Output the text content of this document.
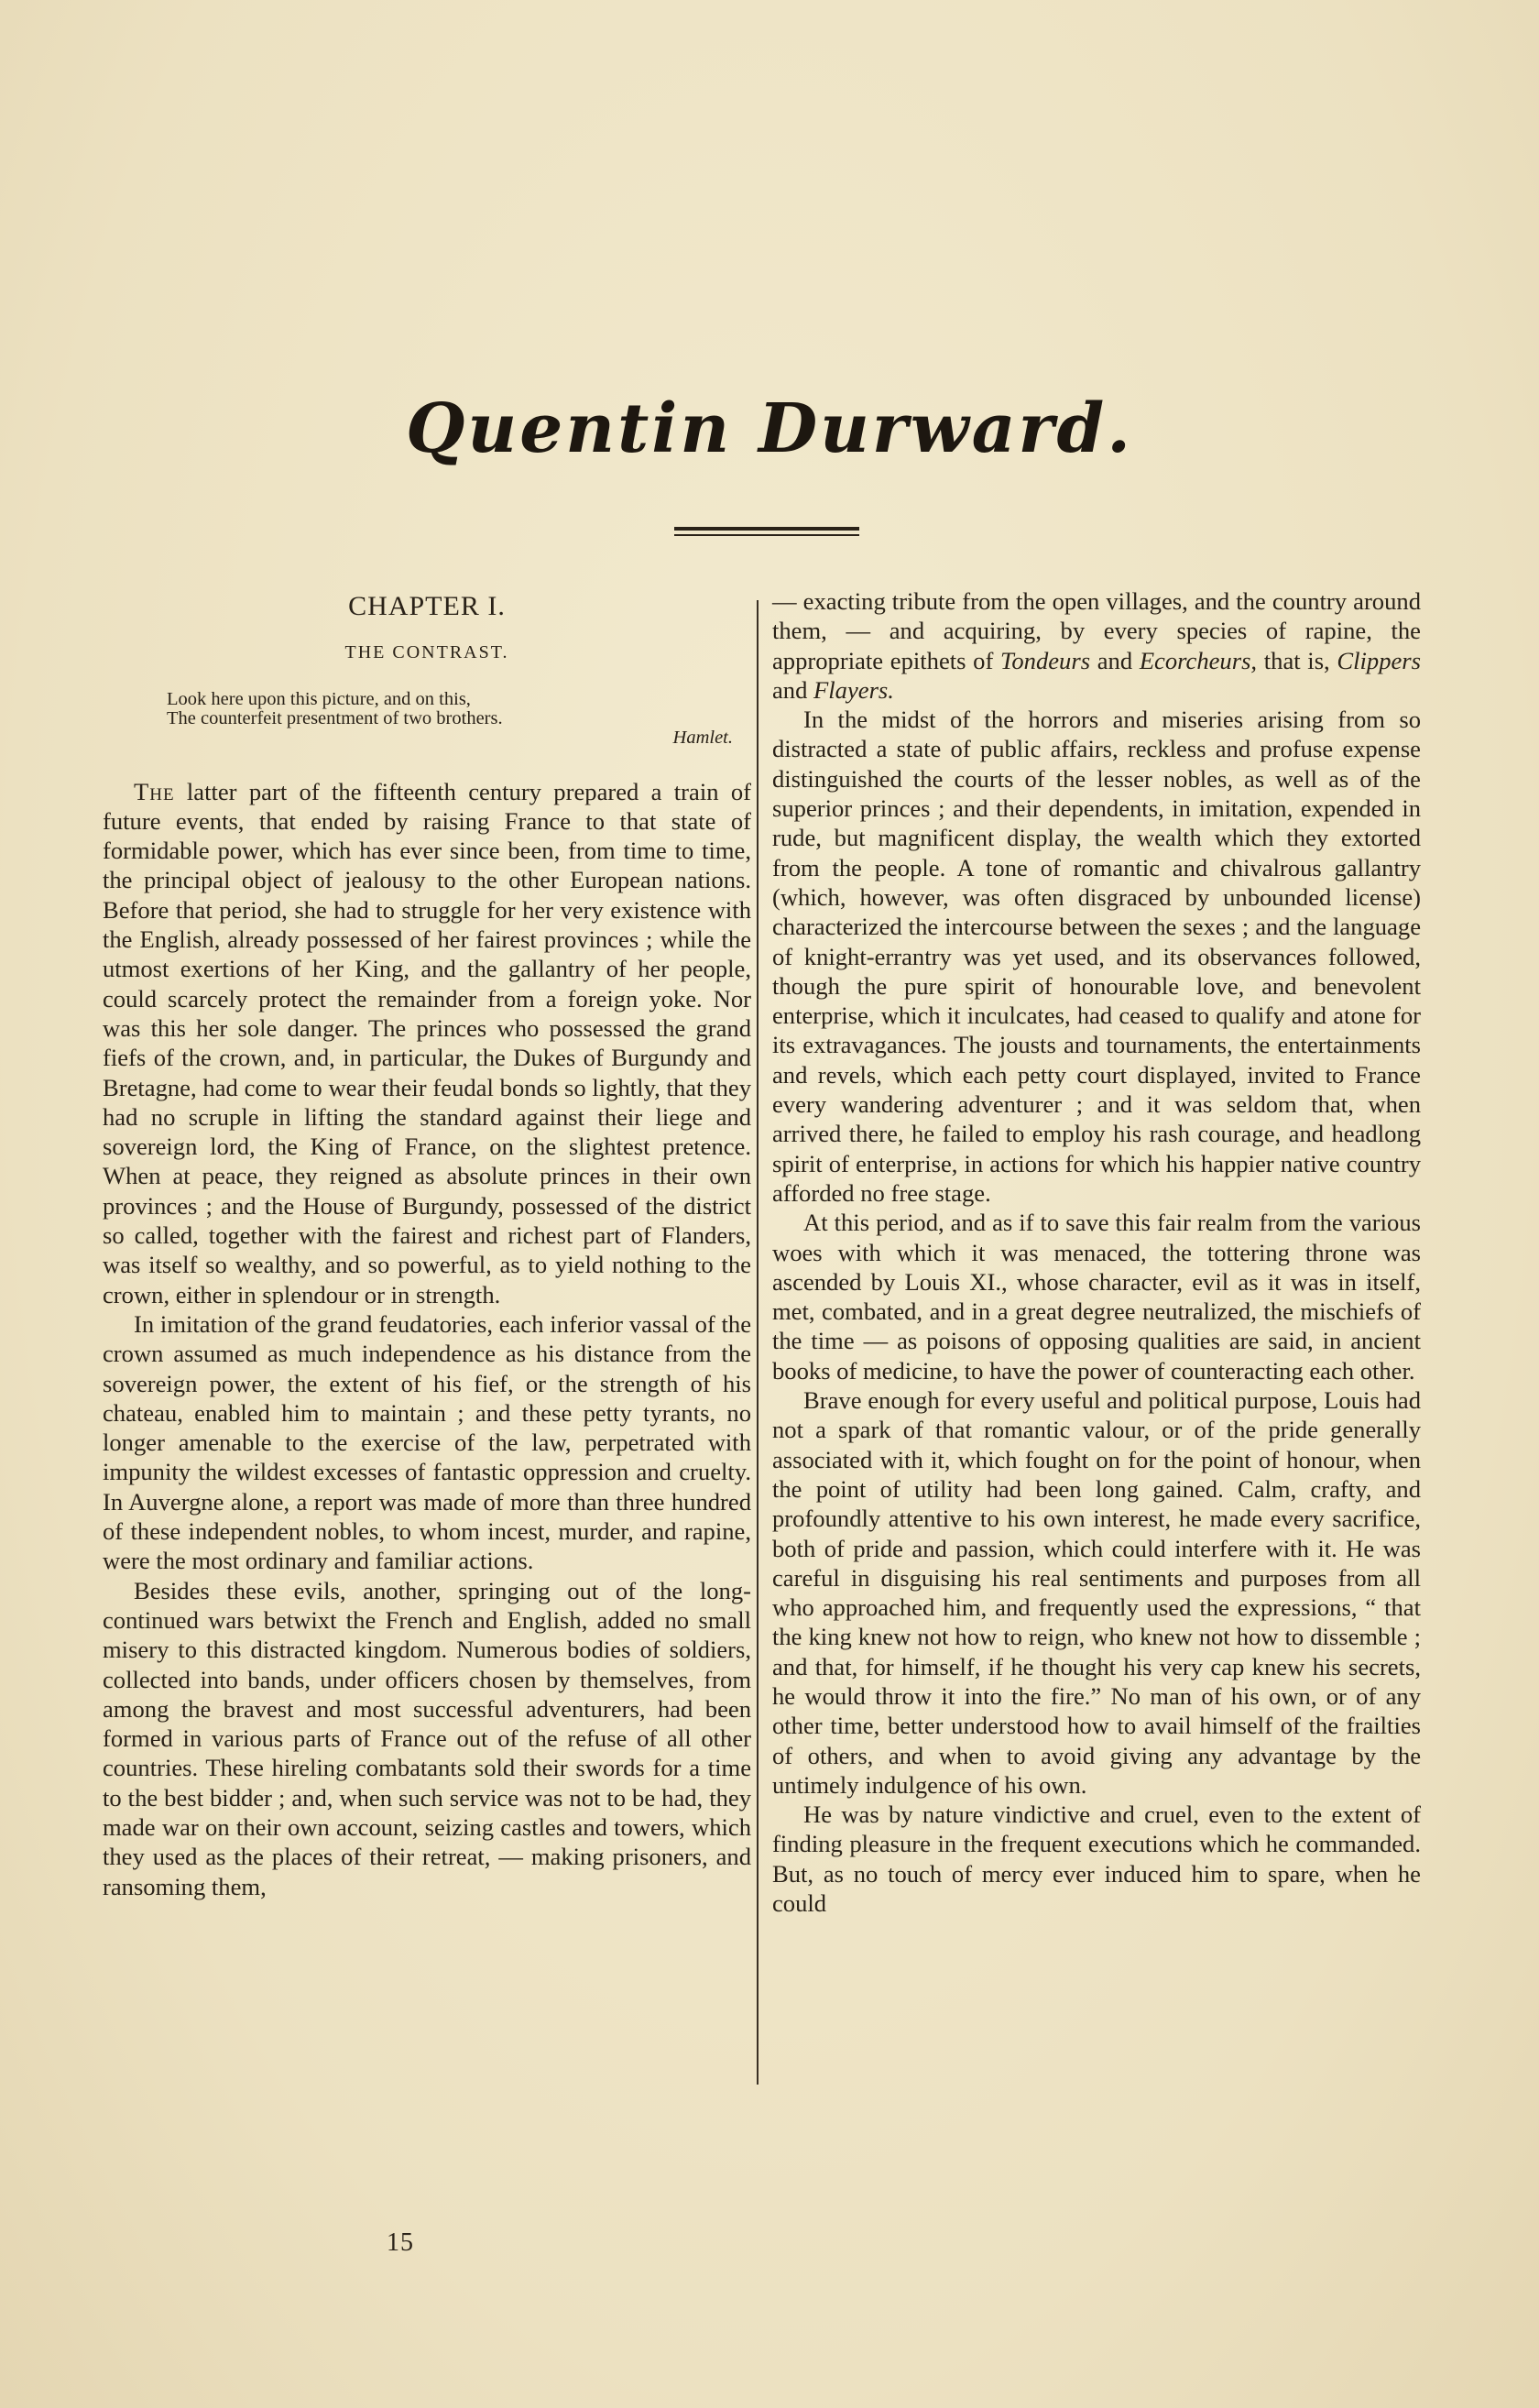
Quentin Durward.
CHAPTER I.
THE CONTRAST.
Look here upon this picture, and on this,
The counterfeit presentment of two brothers.
Hamlet.

The latter part of the fifteenth century prepared a train of future events, that ended by raising France to that state of formidable power, which has ever since been, from time to time, the principal object of jealousy to the other European nations. Before that period, she had to struggle for her very existence with the English, already possessed of her fairest provinces ; while the utmost exertions of her King, and the gallantry of her people, could scarcely protect the remainder from a foreign yoke. Nor was this her sole danger. The princes who possessed the grand fiefs of the crown, and, in particular, the Dukes of Burgundy and Bretagne, had come to wear their feudal bonds so lightly, that they had no scruple in lifting the standard against their liege and sovereign lord, the King of France, on the slightest pretence. When at peace, they reigned as absolute princes in their own provinces ; and the House of Burgundy, possessed of the district so called, together with the fairest and richest part of Flanders, was itself so wealthy, and so powerful, as to yield nothing to the crown, either in splendour or in strength.

In imitation of the grand feudatories, each inferior vassal of the crown assumed as much independence as his distance from the sovereign power, the extent of his fief, or the strength of his chateau, enabled him to maintain ; and these petty tyrants, no longer amenable to the exercise of the law, perpetrated with impunity the wildest excesses of fantastic oppression and cruelty. In Auvergne alone, a report was made of more than three hundred of these independent nobles, to whom incest, murder, and rapine, were the most ordinary and familiar actions.

Besides these evils, another, springing out of the long-continued wars betwixt the French and English, added no small misery to this distracted kingdom. Numerous bodies of soldiers, collected into bands, under officers chosen by themselves, from among the bravest and most successful adventurers, had been formed in various parts of France out of the refuse of all other countries. These hireling combatants sold their swords for a time to the best bidder ; and, when such service was not to be had, they made war on their own account, seizing castles and towers, which they used as the places of their retreat, — making prisoners, and ransoming them,

— exacting tribute from the open villages, and the country around them, — and acquiring, by every species of rapine, the appropriate epithets of Tondeurs and Ecorcheurs, that is, Clippers and Flayers.

In the midst of the horrors and miseries arising from so distracted a state of public affairs, reckless and profuse expense distinguished the courts of the lesser nobles, as well as of the superior princes ; and their dependents, in imitation, expended in rude, but magnificent display, the wealth which they extorted from the people. A tone of romantic and chivalrous gallantry (which, however, was often disgraced by unbounded license) characterized the intercourse between the sexes ; and the language of knight-errantry was yet used, and its observances followed, though the pure spirit of honourable love, and benevolent enterprise, which it inculcates, had ceased to qualify and atone for its extravagances. The jousts and tournaments, the entertainments and revels, which each petty court displayed, invited to France every wandering adventurer ; and it was seldom that, when arrived there, he failed to employ his rash courage, and headlong spirit of enterprise, in actions for which his happier native country afforded no free stage.

At this period, and as if to save this fair realm from the various woes with which it was menaced, the tottering throne was ascended by Louis XI., whose character, evil as it was in itself, met, combated, and in a great degree neutralized, the mischiefs of the time — as poisons of opposing qualities are said, in ancient books of medicine, to have the power of counteracting each other.

Brave enough for every useful and political purpose, Louis had not a spark of that romantic valour, or of the pride generally associated with it, which fought on for the point of honour, when the point of utility had been long gained. Calm, crafty, and profoundly attentive to his own interest, he made every sacrifice, both of pride and passion, which could interfere with it. He was careful in disguising his real sentiments and purposes from all who approached him, and frequently used the expressions, “ that the king knew not how to reign, who knew not how to dissemble ; and that, for himself, if he thought his very cap knew his secrets, he would throw it into the fire.” No man of his own, or of any other time, better understood how to avail himself of the frailties of others, and when to avoid giving any advantage by the untimely indulgence of his own.

He was by nature vindictive and cruel, even to the extent of finding pleasure in the frequent executions which he commanded. But, as no touch of mercy ever induced him to spare, when he could

15
